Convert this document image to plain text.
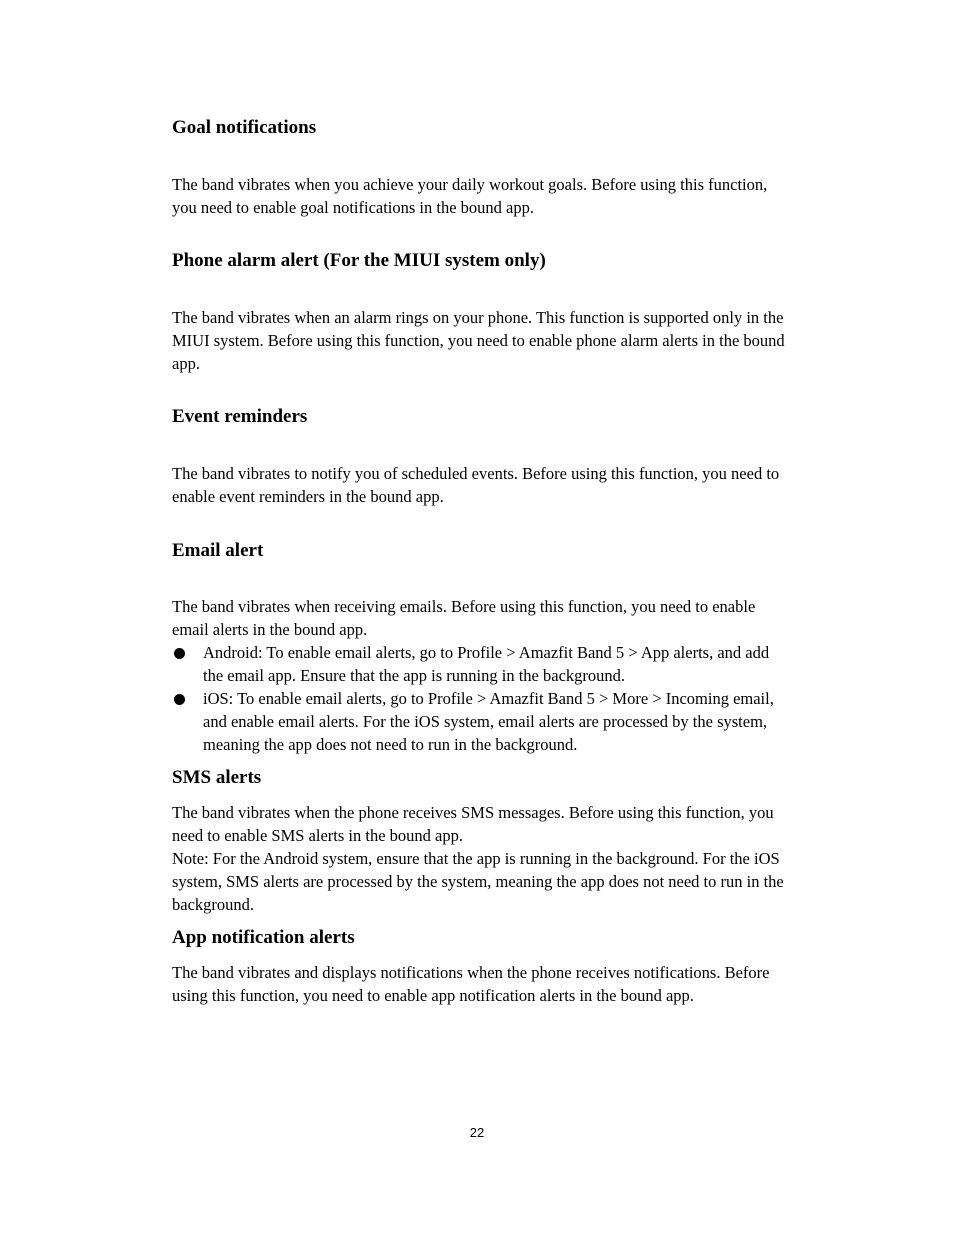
Goal notifications

The band vibrates when you achieve your daily workout goals. Before using this function, you need to enable goal notifications in the bound app.

Phone alarm alert (For the MIUI system only)

The band vibrates when an alarm rings on your phone. This function is supported only in the MIUI system. Before using this function, you need to enable phone alarm alerts in the bound app.

Event reminders

The band vibrates to notify you of scheduled events. Before using this function, you need to enable event reminders in the bound app.

Email alert

The band vibrates when receiving emails. Before using this function, you need to enable email alerts in the bound app.

Android: To enable email alerts, go to Profile > Amazfit Band 5 > App alerts, and add the email app. Ensure that the app is running in the background.
iOS: To enable email alerts, go to Profile > Amazfit Band 5 > More > Incoming email, and enable email alerts. For the iOS system, email alerts are processed by the system, meaning the app does not need to run in the background.
SMS alerts

The band vibrates when the phone receives SMS messages. Before using this function, you need to enable SMS alerts in the bound app.

Note: For the Android system, ensure that the app is running in the background. For the iOS system, SMS alerts are processed by the system, meaning the app does not need to run in the background.

App notification alerts

The band vibrates and displays notifications when the phone receives notifications. Before using this function, you need to enable app notification alerts in the bound app.

22
